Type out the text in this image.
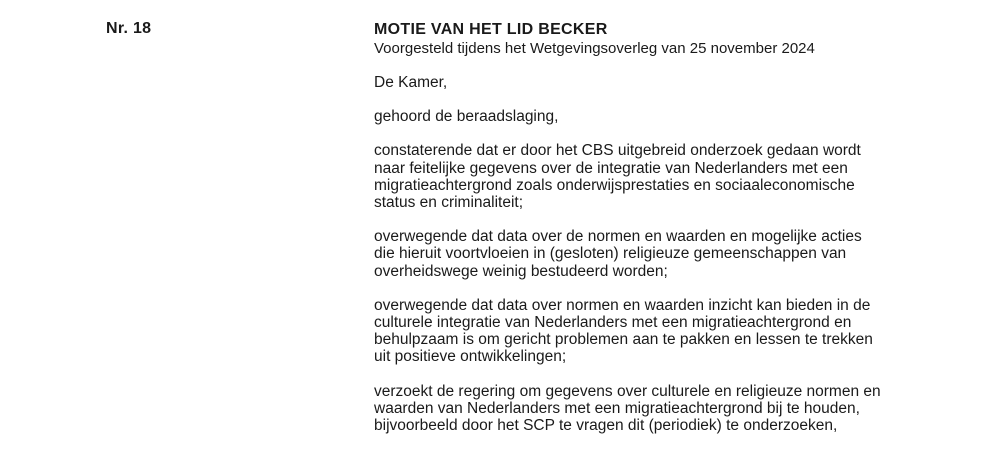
Nr. 18	MOTIE VAN HET LID BECKER
Voorgesteld tijdens het Wetgevingsoverleg van 25 november 2024
De Kamer,
gehoord de beraadslaging,
constaterende dat er door het CBS uitgebreid onderzoek gedaan wordt
naar feitelijke gegevens over de integratie van Nederlanders met een
migratieachtergrond zoals onderwijsprestaties en sociaaleconomische
status en criminaliteit;
overwegende dat data over de normen en waarden en mogelijke acties
die hieruit voortvloeien in (gesloten) religieuze gemeenschappen van
overheidswege weinig bestudeerd worden;
overwegende dat data over normen en waarden inzicht kan bieden in de
culturele integratie van Nederlanders met een migratieachtergrond en
behulpzaam is om gericht problemen aan te pakken en lessen te trekken
uit positieve ontwikkelingen;
verzoekt de regering om gegevens over culturele en religieuze normen en
waarden van Nederlanders met een migratieachtergrond bij te houden,
bijvoorbeeld door het SCP te vragen dit (periodiek) te onderzoeken,
